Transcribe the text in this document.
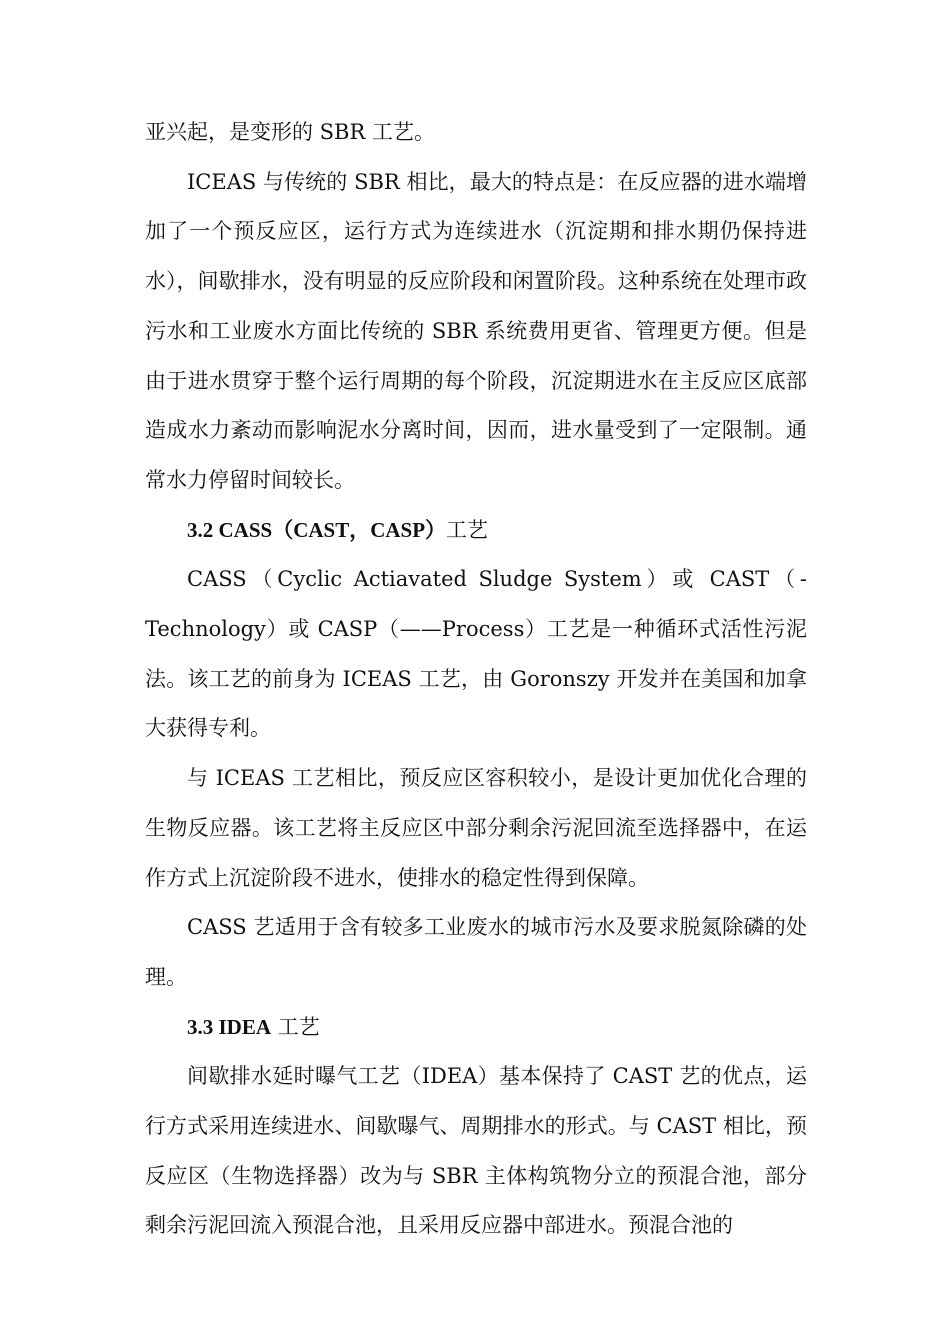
亚兴起，是变形的 SBR 工艺。

ICEAS 与传统的 SBR 相比，最大的特点是：在反应器的进水端增加了一个预反应区，运行方式为连续进水（沉淀期和排水期仍保持进水），间歇排水，没有明显的反应阶段和闲置阶段。这种系统在处理市政污水和工业废水方面比传统的 SBR 系统费用更省、管理更方便。但是由于进水贯穿于整个运行周期的每个阶段，沉淀期进水在主反应区底部造成水力紊动而影响泥水分离时间，因而，进水量受到了一定限制。通常水力停留时间较长。

3.2 CASS（CAST，CASP）工艺

CASS（Cyclic Actiavated Sludge System）或 CAST（-Technology）或 CASP（——Process）工艺是一种循环式活性污泥法。该工艺的前身为 ICEAS 工艺，由 Goronszy 开发并在美国和加拿大获得专利。

与 ICEAS 工艺相比，预反应区容积较小，是设计更加优化合理的生物反应器。该工艺将主反应区中部分剩余污泥回流至选择器中，在运作方式上沉淀阶段不进水，使排水的稳定性得到保障。

CASS 艺适用于含有较多工业废水的城市污水及要求脱氮除磷的处理。

3.3 IDEA 工艺

间歇排水延时曝气工艺（IDEA）基本保持了 CAST 艺的优点，运行方式采用连续进水、间歇曝气、周期排水的形式。与 CAST 相比，预反应区（生物选择器）改为与 SBR 主体构筑物分立的预混合池，部分剩余污泥回流入预混合池，且采用反应器中部进水。预混合池的
